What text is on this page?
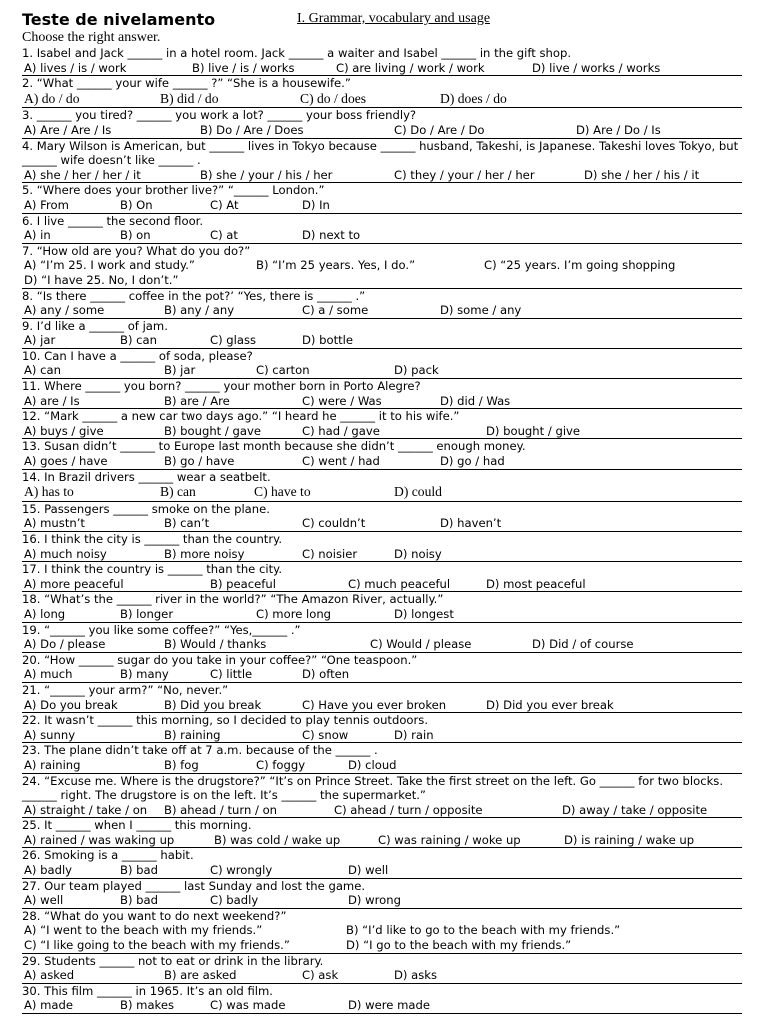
Teste de nivelamento	I. Grammar, vocabulary and usage
Choose the right answer.
1. Isabel and Jack ______ in a hotel room. Jack ______ a waiter and Isabel ______ in the gift shop.
A) lives / is / work	B) live / is / works	C) are living / work / work	D) live / works / works
2. “What ______ your wife ______ ?” “She is a housewife.”
A) do / do	B) did / do	C) do / does	D) does / do
3. ______ you tired? ______ you work a lot? ______ your boss friendly?
A) Are / Are / Is	B) Do / Are / Does	C) Do / Are / Do	D) Are / Do / Is
4. Mary Wilson is American, but ______ lives in Tokyo because ______ husband, Takeshi, is Japanese. Takeshi loves Tokyo, but ______ wife doesn’t like ______ .
A) she / her / her / it	B) she / your / his / her	C) they / your / her / her	D) she / her / his / it
5. “Where does your brother live?” “______ London.”
A) From	B) On	C) At	D) In
6. I live ______ the second floor.
A) in	B) on	C) at	D) next to
7. “How old are you? What do you do?”
A) “I’m 25. I work and study.”	B) “I’m 25 years. Yes, I do.”	C) “25 years. I’m going shopping
D) “I have 25. No, I don’t.”
8. “Is there ______ coffee in the pot?’ “Yes, there is ______ .”
A) any / some	B) any / any	C) a / some	D) some / any
9. I’d like a ______ of jam.
A) jar	B) can	C) glass	D) bottle
10. Can I have a ______ of soda, please?
A) can	B) jar	C) carton	D) pack
11. Where ______ you born? ______ your mother born in Porto Alegre?
A) are / Is	B) are / Are	C) were / Was	D) did / Was
12. “Mark ______ a new car two days ago.” “I heard he ______ it to his wife.”
A) buys / give	B) bought / gave	C) had / gave	D) bought / give
13. Susan didn’t ______ to Europe last month because she didn’t ______ enough money.
A) goes / have	B) go / have	C) went / had	D) go / had
14. In Brazil drivers ______ wear a seatbelt.
A) has to	B) can	C) have to	D) could
15. Passengers ______ smoke on the plane.
A) mustn’t	B) can’t	C) couldn’t	D) haven’t
16. I think the city is ______ than the country.
A) much noisy	B) more noisy	C) noisier	D) noisy
17. I think the country is ______ than the city.
A) more peaceful	B) peaceful	C) much peaceful	D) most peaceful
18. “What’s the ______ river in the world?” “The Amazon River, actually.”
A) long	B) longer	C) more long	D) longest
19. “______ you like some coffee?” “Yes,______ .”
A) Do / please	B) Would / thanks	C) Would / please	D) Did / of course
20. “How ______ sugar do you take in your coffee?” “One teaspoon.”
A) much	B) many	C) little	D) often
21. “______ your arm?” “No, never.”
A) Do you break	B) Did you break	C) Have you ever broken	D) Did you ever break
22. It wasn’t ______ this morning, so I decided to play tennis outdoors.
A) sunny	B) raining	C) snow	D) rain
23. The plane didn’t take off at 7 a.m. because of the ______ .
A) raining	B) fog	C) foggy	D) cloud
24. “Excuse me. Where is the drugstore?” “It’s on Prince Street. Take the first street on the left. Go ______ for two blocks. ______ right. The drugstore is on the left. It’s ______ the supermarket.”
A) straight / take / on B) ahead / turn / on	C) ahead / turn / opposite	D) away / take / opposite
25. It ______ when I ______ this morning.
A) rained / was waking up	B) was cold / wake up	C) was raining / woke up	D) is raining / wake up
26. Smoking is a ______ habit.
A) badly	B) bad	C) wrongly	D) well
27. Our team played ______ last Sunday and lost the game.
A) well	B) bad	C) badly	D) wrong
28. “What do you want to do next weekend?”
A) “I went to the beach with my friends.”	B) “I’d like to go to the beach with my friends.”
C) “I like going to the beach with my friends.”	D) “I go to the beach with my friends.”
29. Students ______ not to eat or drink in the library.
A) asked	B) are asked	C) ask	D) asks
30. This film ______ in 1965. It’s an old film.
A) made	B) makes	C) was made	D) were made
